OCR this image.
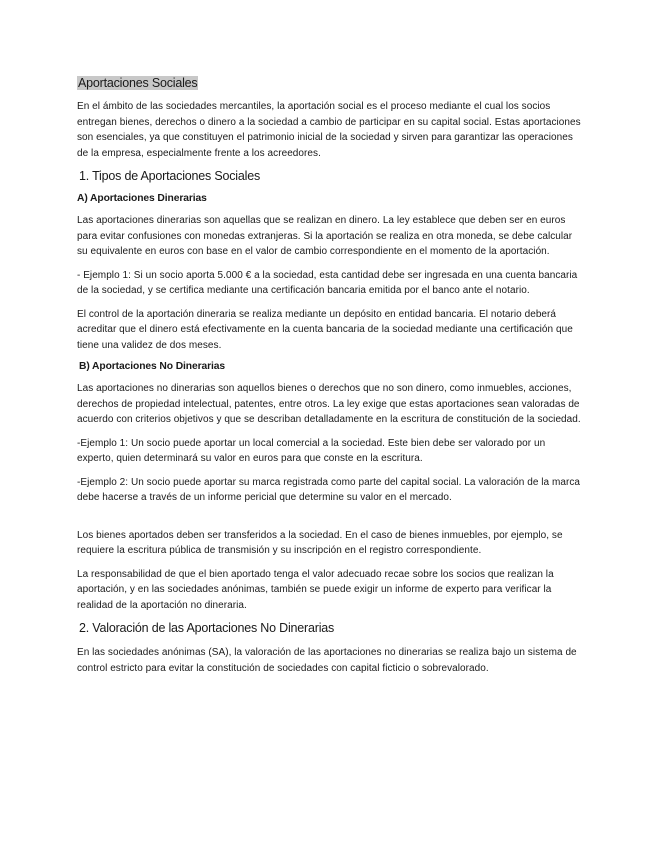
Aportaciones Sociales

En el ámbito de las sociedades mercantiles, la aportación social es el proceso mediante el cual los socios entregan bienes, derechos o dinero a la sociedad a cambio de participar en su capital social. Estas aportaciones son esenciales, ya que constituyen el patrimonio inicial de la sociedad y sirven para garantizar las operaciones de la empresa, especialmente frente a los acreedores.

1. Tipos de Aportaciones Sociales
A) Aportaciones Dinerarias

Las aportaciones dinerarias son aquellas que se realizan en dinero. La ley establece que deben ser en euros para evitar confusiones con monedas extranjeras. Si la aportación se realiza en otra moneda, se debe calcular su equivalente en euros con base en el valor de cambio correspondiente en el momento de la aportación.

- Ejemplo 1: Si un socio aporta 5.000 € a la sociedad, esta cantidad debe ser ingresada en una cuenta bancaria de la sociedad, y se certifica mediante una certificación bancaria emitida por el banco ante el notario.

El control de la aportación dineraria se realiza mediante un depósito en entidad bancaria. El notario deberá acreditar que el dinero está efectivamente en la cuenta bancaria de la sociedad mediante una certificación que tiene una validez de dos meses.

B) Aportaciones No Dinerarias

Las aportaciones no dinerarias son aquellos bienes o derechos que no son dinero, como inmuebles, acciones, derechos de propiedad intelectual, patentes, entre otros. La ley exige que estas aportaciones sean valoradas de acuerdo con criterios objetivos y que se describan detalladamente en la escritura de constitución de la sociedad.

-Ejemplo 1: Un socio puede aportar un local comercial a la sociedad. Este bien debe ser valorado por un experto, quien determinará su valor en euros para que conste en la escritura.

-Ejemplo 2: Un socio puede aportar su marca registrada como parte del capital social. La valoración de la marca debe hacerse a través de un informe pericial que determine su valor en el mercado.

Los bienes aportados deben ser transferidos a la sociedad. En el caso de bienes inmuebles, por ejemplo, se requiere la escritura pública de transmisión y su inscripción en el registro correspondiente.

La responsabilidad de que el bien aportado tenga el valor adecuado recae sobre los socios que realizan la aportación, y en las sociedades anónimas, también se puede exigir un informe de experto para verificar la realidad de la aportación no dineraria.

2. Valoración de las Aportaciones No Dinerarias

En las sociedades anónimas (SA), la valoración de las aportaciones no dinerarias se realiza bajo un sistema de control estricto para evitar la constitución de sociedades con capital ficticio o sobrevalorado.
